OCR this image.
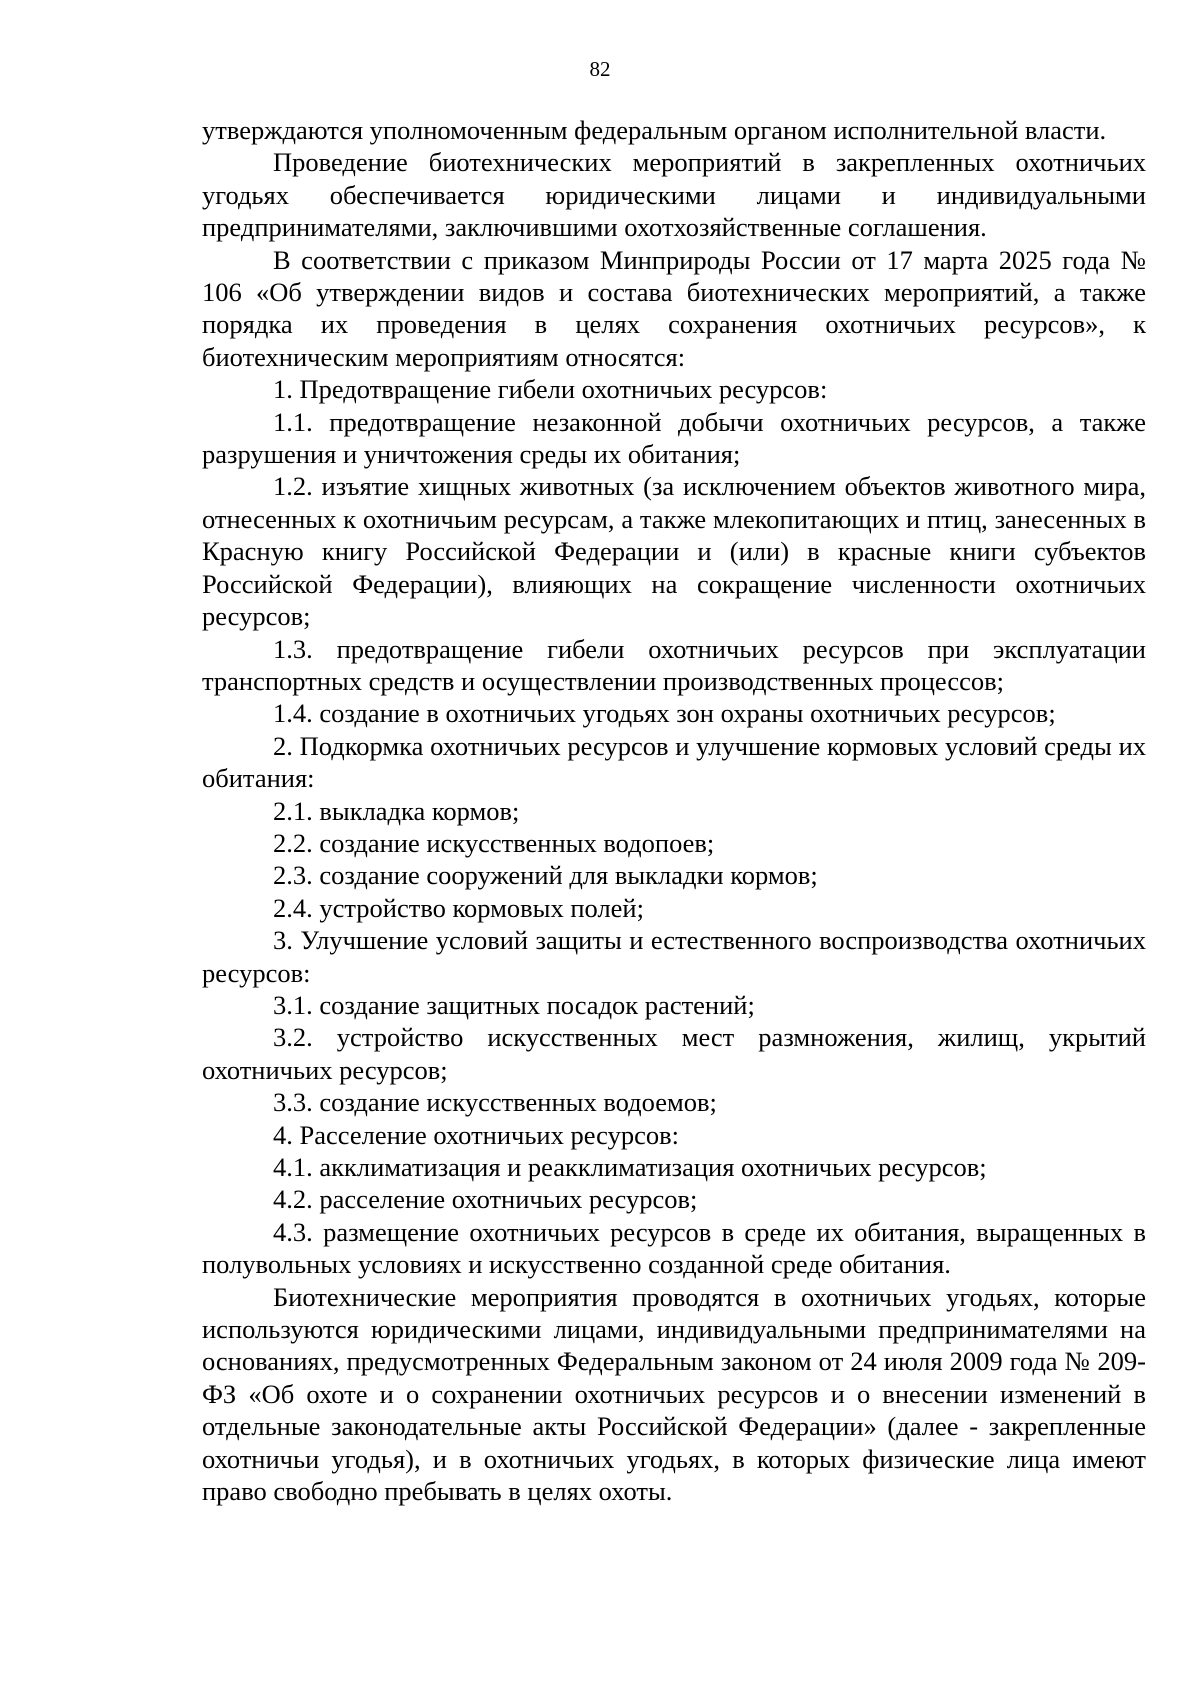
82

утверждаются уполномоченным федеральным органом исполнительной власти.

Проведение биотехнических мероприятий в закрепленных охотничьих угодьях обеспечивается юридическими лицами и индивидуальными предпринимателями, заключившими охотхозяйственные соглашения.

В соответствии с приказом Минприроды России от 17 марта 2025 года № 106 «Об утверждении видов и состава биотехнических мероприятий, а также порядка их проведения в целях сохранения охотничьих ресурсов», к биотехническим мероприятиям относятся:

1. Предотвращение гибели охотничьих ресурсов:

1.1. предотвращение незаконной добычи охотничьих ресурсов, а также разрушения и уничтожения среды их обитания;

1.2. изъятие хищных животных (за исключением объектов животного мира, отнесенных к охотничьим ресурсам, а также млекопитающих и птиц, занесенных в Красную книгу Российской Федерации и (или) в красные книги субъектов Российской Федерации), влияющих на сокращение численности охотничьих ресурсов;

1.3. предотвращение гибели охотничьих ресурсов при эксплуатации транспортных средств и осуществлении производственных процессов;

1.4. создание в охотничьих угодьях зон охраны охотничьих ресурсов;

2. Подкормка охотничьих ресурсов и улучшение кормовых условий среды их обитания:

2.1. выкладка кормов;

2.2. создание искусственных водопоев;

2.3. создание сооружений для выкладки кормов;

2.4. устройство кормовых полей;

3. Улучшение условий защиты и естественного воспроизводства охотничьих ресурсов:

3.1. создание защитных посадок растений;

3.2. устройство искусственных мест размножения, жилищ, укрытий охотничьих ресурсов;

3.3. создание искусственных водоемов;

4. Расселение охотничьих ресурсов:

4.1. акклиматизация и реакклиматизация охотничьих ресурсов;

4.2. расселение охотничьих ресурсов;

4.3. размещение охотничьих ресурсов в среде их обитания, выращенных в полувольных условиях и искусственно созданной среде обитания.

Биотехнические мероприятия проводятся в охотничьих угодьях, которые используются юридическими лицами, индивидуальными предпринимателями на основаниях, предусмотренных Федеральным законом от 24 июля 2009 года № 209-ФЗ «Об охоте и о сохранении охотничьих ресурсов и о внесении изменений в отдельные законодательные акты Российской Федерации» (далее - закрепленные охотничьи угодья), и в охотничьих угодьях, в которых физические лица имеют право свободно пребывать в целях охоты.
